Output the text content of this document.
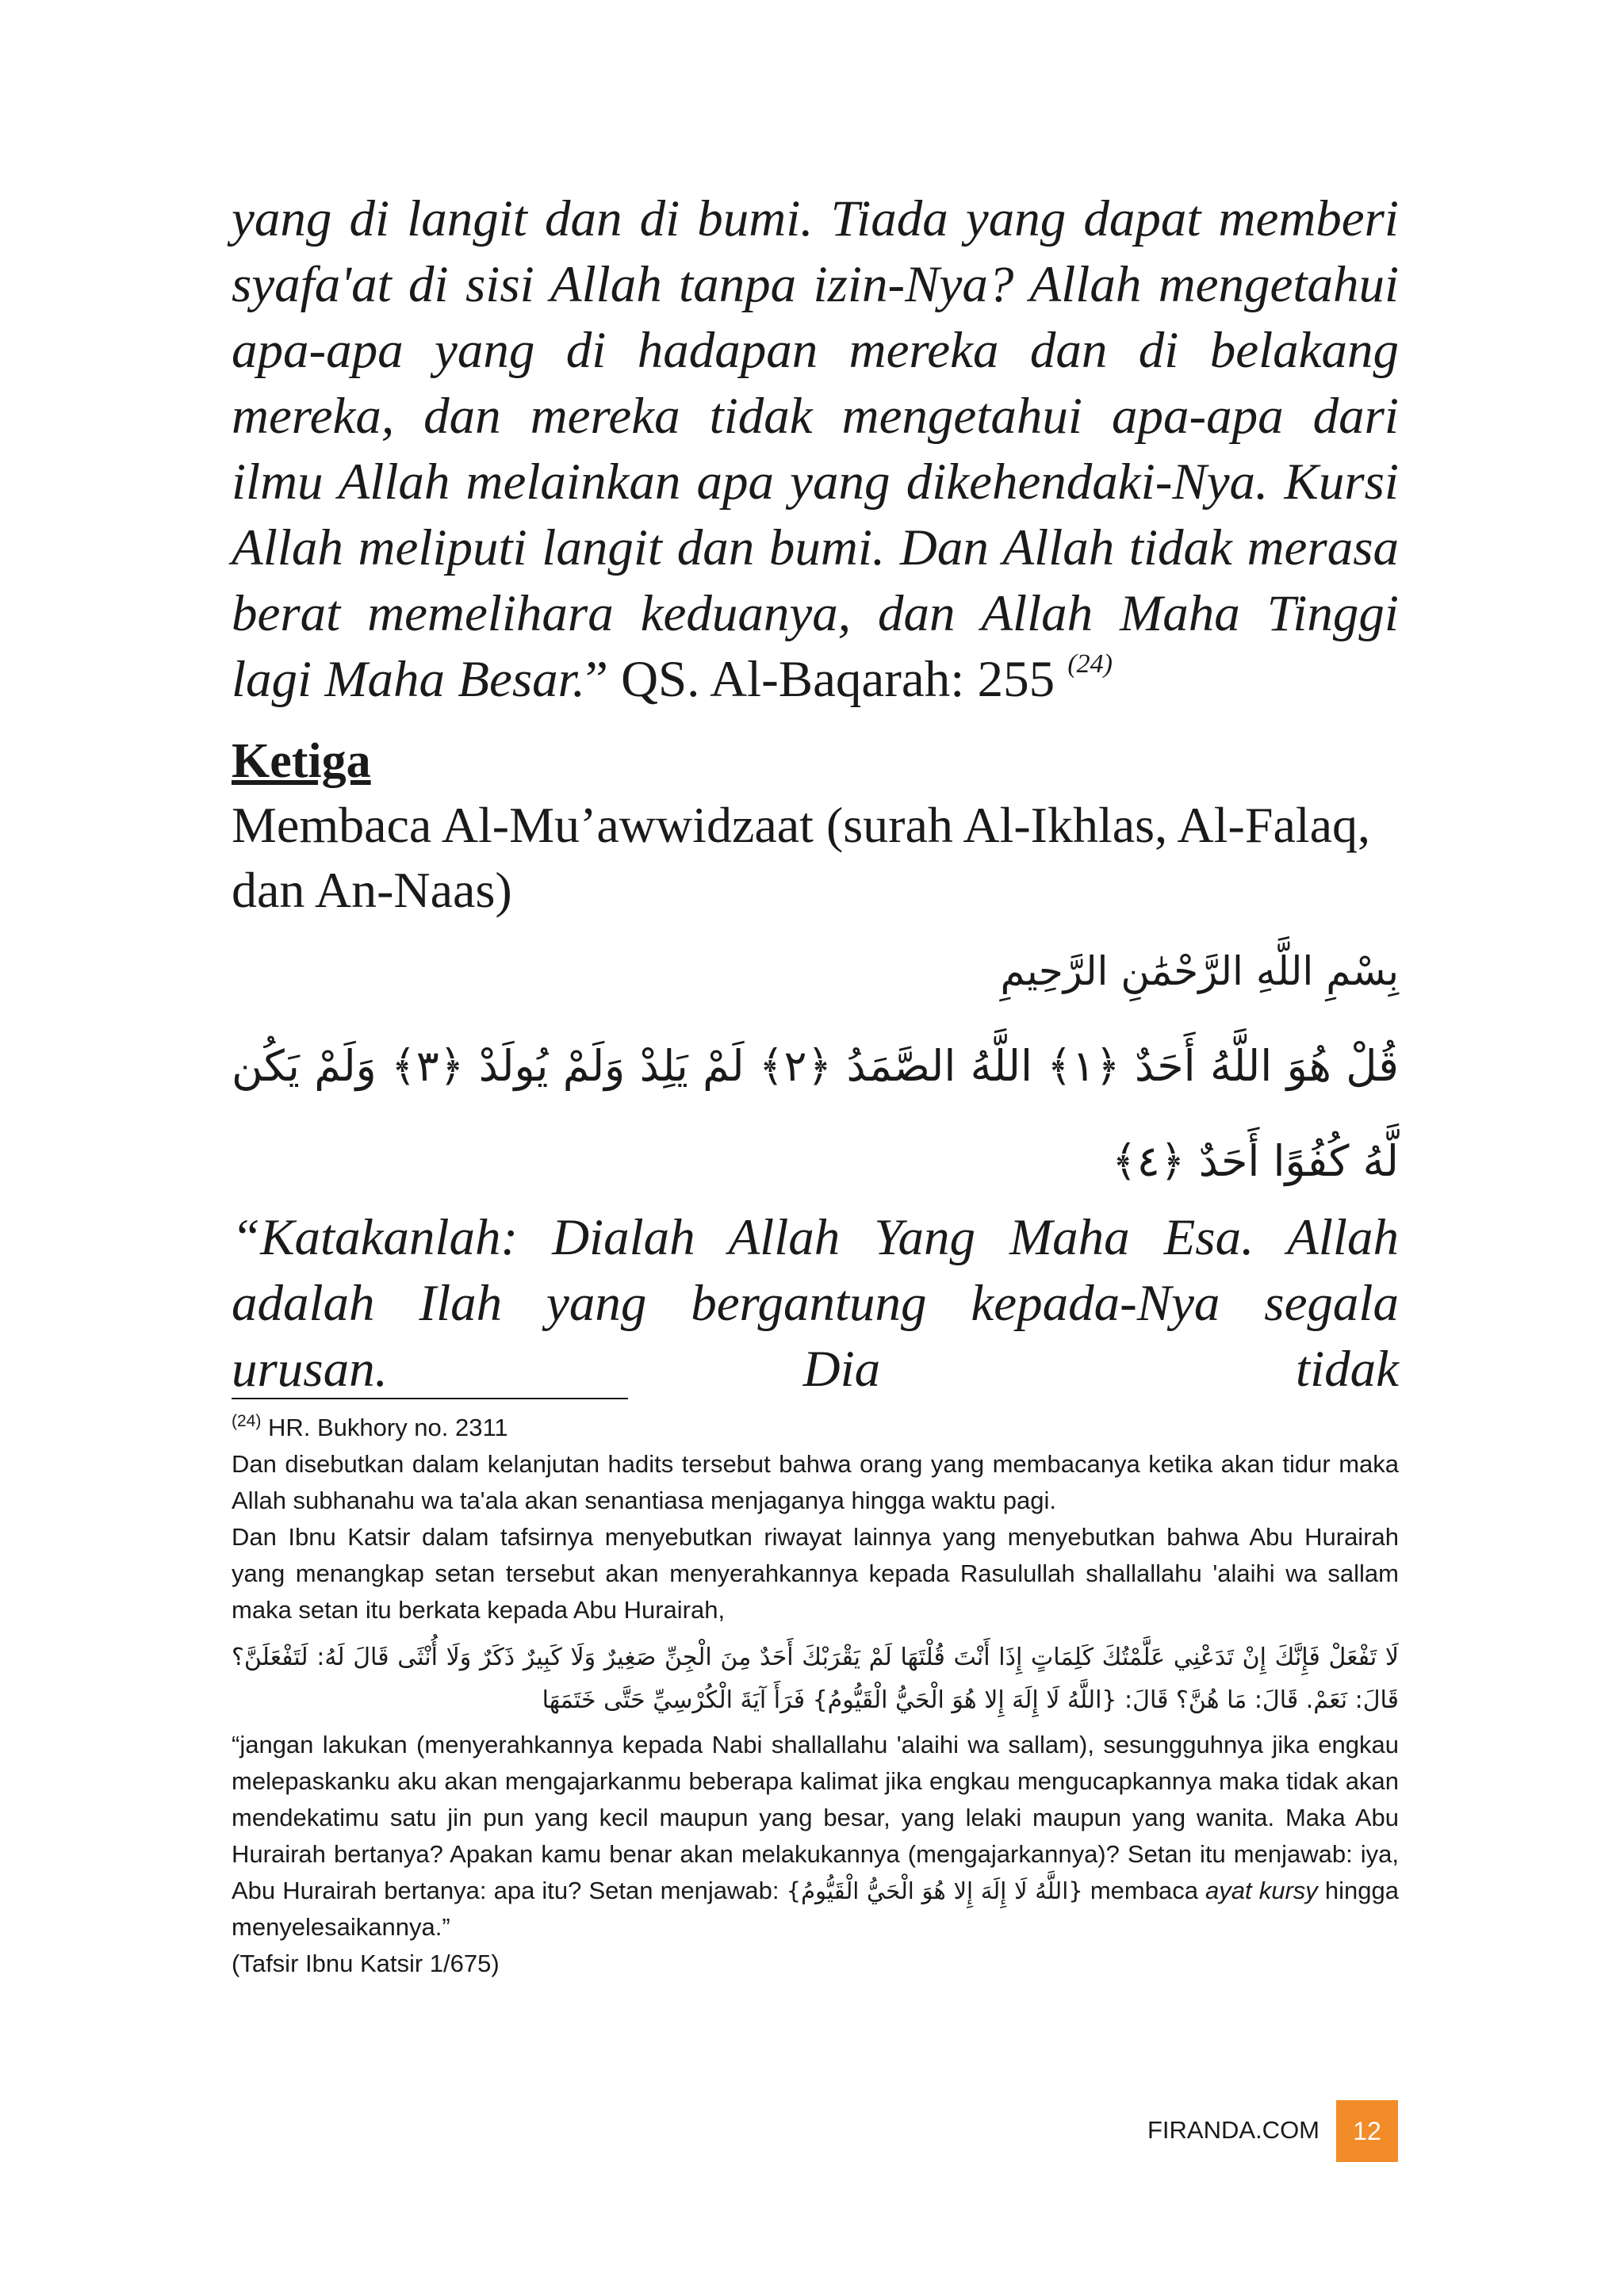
yang di langit dan di bumi. Tiada yang dapat memberi syafa'at di sisi Allah tanpa izin-Nya? Allah mengetahui apa-apa yang di hadapan mereka dan di belakang mereka, dan mereka tidak mengetahui apa-apa dari ilmu Allah melainkan apa yang dikehendaki-Nya. Kursi Allah meliputi langit dan bumi. Dan Allah tidak merasa berat memelihara keduanya, dan Allah Maha Tinggi lagi Maha Besar.” QS. Al-Baqarah: 255 $^{(24)}$
Ketiga
Membaca Al-Mu’awwidzaat (surah Al-Ikhlas, Al-Falaq, dan An-Naas)
بِسْمِ اللَّهِ الرَّحْمَٰنِ الرَّحِيمِ
قُلْ هُوَ اللَّهُ أَحَدٌ ﴿١﴾ اللَّهُ الصَّمَدُ ﴿٢﴾ لَمْ يَلِدْ وَلَمْ يُولَدْ ﴿٣﴾ وَلَمْ يَكُن لَّهُ كُفُوًا أَحَدٌ ﴿٤﴾
“Katakanlah: Dialah Allah Yang Maha Esa. Allah adalah Ilah yang bergantung kepada-Nya segala urusan. Dia tidak

$^{(24)}$ HR. Bukhory no. 2311

Dan disebutkan dalam kelanjutan hadits tersebut bahwa orang yang membacanya ketika akan tidur maka Allah subhanahu wa ta'ala akan senantiasa menjaganya hingga waktu pagi.

Dan Ibnu Katsir dalam tafsirnya menyebutkan riwayat lainnya yang menyebutkan bahwa Abu Hurairah yang menangkap setan tersebut akan menyerahkannya kepada Rasulullah shallallahu 'alaihi wa sallam maka setan itu berkata kepada Abu Hurairah,

لَا تَفْعَلْ فَإِنَّكَ إِنْ تَدَعْنِي عَلَّمْتُكَ كَلِمَاتٍ إِذَا أَنْتَ قُلْتَهَا لَمْ يَقْرَبْكَ أَحَدٌ مِنَ الْجِنِّ صَغِيرٌ وَلَا كَبِيرٌ ذَكَرٌ وَلَا أُنْثَى قَالَ لَهُ: لَتَفْعَلَنَّ؟ قَالَ: نَعَمْ. قَالَ: مَا هُنَّ؟ قَالَ: {اللَّهُ لَا إِلَهَ إِلا هُوَ الْحَيُّ الْقَيُّومُ} فَرَأَ آيَةَ الْكُرْسِيِّ حَتَّى خَتَمَهَا

“jangan lakukan (menyerahkannya kepada Nabi shallallahu 'alaihi wa sallam), sesungguhnya jika engkau melepaskanku aku akan mengajarkanmu beberapa kalimat jika engkau mengucapkannya maka tidak akan mendekatimu satu jin pun yang kecil maupun yang besar, yang lelaki maupun yang wanita. Maka Abu Hurairah bertanya? Apakan kamu benar akan melakukannya (mengajarkannya)? Setan itu menjawab: iya, Abu Hurairah bertanya: apa itu? Setan menjawab: {اللَّهُ لَا إِلَهَ إِلا هُوَ الْحَيُّ الْقَيُّومُ} membaca ayat kursy hingga menyelesaikannya.”

(Tafsir Ibnu Katsir 1/675)

FIRANDA.COM	12
